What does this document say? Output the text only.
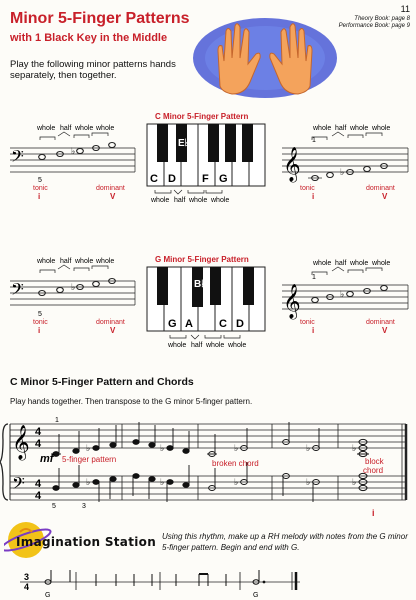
11
Theory Book: page 8
Performance Book: page 9
Minor 5-Finger Patterns
with 1 Black Key in the Middle
Play the following minor patterns hands separately, then together.
𝄢
whole half whole whole
♭
5
tonic
i
dominant
V
C Minor 5-Finger Pattern
E♭
C D F G
whole half whole whole
𝄞
whole half whole whole
♭
1
tonic
i
dominant
V
𝄢
whole half whole whole
♭
5
tonic
i
dominant
V
G Minor 5-Finger Pattern
B♭
G A C D
whole half whole whole
𝄞
whole half whole whole
♭
1
tonic
i
dominant
V
C Minor 5-Finger Pattern and Chords
Play hands together. Then transpose to the G minor 5-finger pattern.
𝄞
𝄢
4
4
4
4
1
♭	♭	♭	♭	♭
mf 5-finger pattern	broken chord	block
chord
♭	♭	♭	♭	♭
5	3
i
Imagination Station Using this rhythm, make up a RH melody with notes from the G minor 5-finger pattern. Begin and end with G.
3
4
G	G
